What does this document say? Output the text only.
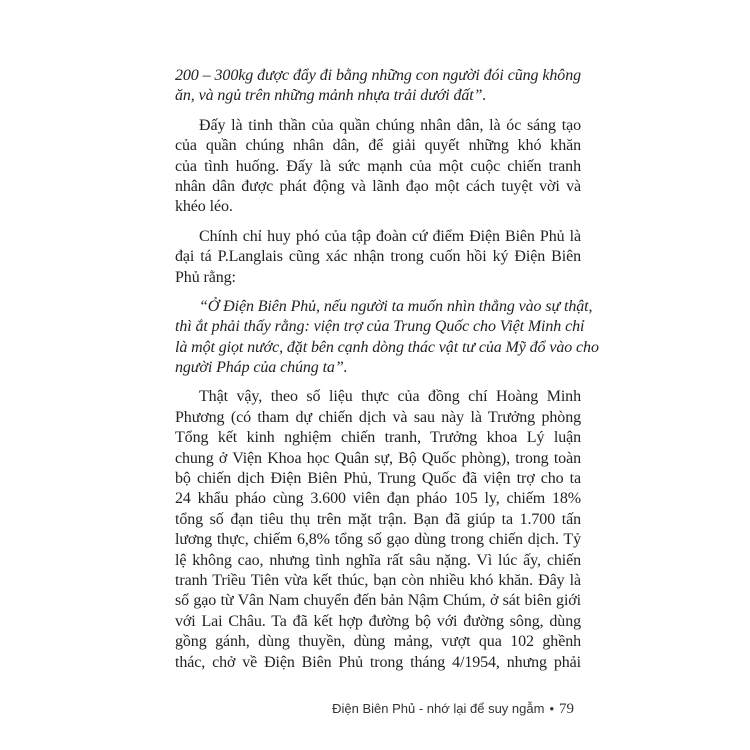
200 – 300kg được đẩy đi bằng những con người đói cũng không
ăn, và ngủ trên những mảnh nhựa trải dưới đất”.
Đấy là tinh thần của quần chúng nhân dân, là óc sáng tạo
của quần chúng nhân dân, để giải quyết những khó khăn
của tình huống. Đấy là sức mạnh của một cuộc chiến tranh
nhân dân được phát động và lãnh đạo một cách tuyệt vời và
khéo léo.
Chính chỉ huy phó của tập đoàn cứ điểm Điện Biên Phủ là
đại tá P.Langlais cũng xác nhận trong cuốn hồi ký Điện Biên
Phủ rằng:
“Ở Điện Biên Phủ, nếu người ta muốn nhìn thẳng vào sự thật,
thì ắt phải thấy rằng: viện trợ của Trung Quốc cho Việt Minh chỉ
là một giọt nước, đặt bên cạnh dòng thác vật tư của Mỹ đổ vào cho
người Pháp của chúng ta”.
Thật vậy, theo số liệu thực của đồng chí Hoàng Minh
Phương (có tham dự chiến dịch và sau này là Trưởng phòng
Tổng kết kinh nghiệm chiến tranh, Trưởng khoa Lý luận
chung ở Viện Khoa học Quân sự, Bộ Quốc phòng), trong toàn
bộ chiến dịch Điện Biên Phủ, Trung Quốc đã viện trợ cho ta
24 khẩu pháo cùng 3.600 viên đạn pháo 105 ly, chiếm 18%
tổng số đạn tiêu thụ trên mặt trận. Bạn đã giúp ta 1.700 tấn
lương thực, chiếm 6,8% tổng số gạo dùng trong chiến dịch. Tỷ
lệ không cao, nhưng tình nghĩa rất sâu nặng. Vì lúc ấy, chiến
tranh Triều Tiên vừa kết thúc, bạn còn nhiều khó khăn. Đây là
số gạo từ Vân Nam chuyển đến bản Nậm Chúm, ở sát biên giới
với Lai Châu. Ta đã kết hợp đường bộ với đường sông, dùng
gồng gánh, dùng thuyền, dùng mảng, vượt qua 102 ghềnh
thác, chở về Điện Biên Phủ trong tháng 4/1954, nhưng phải
Điện Biên Phủ - nhớ lại để suy ngẫm • 79
